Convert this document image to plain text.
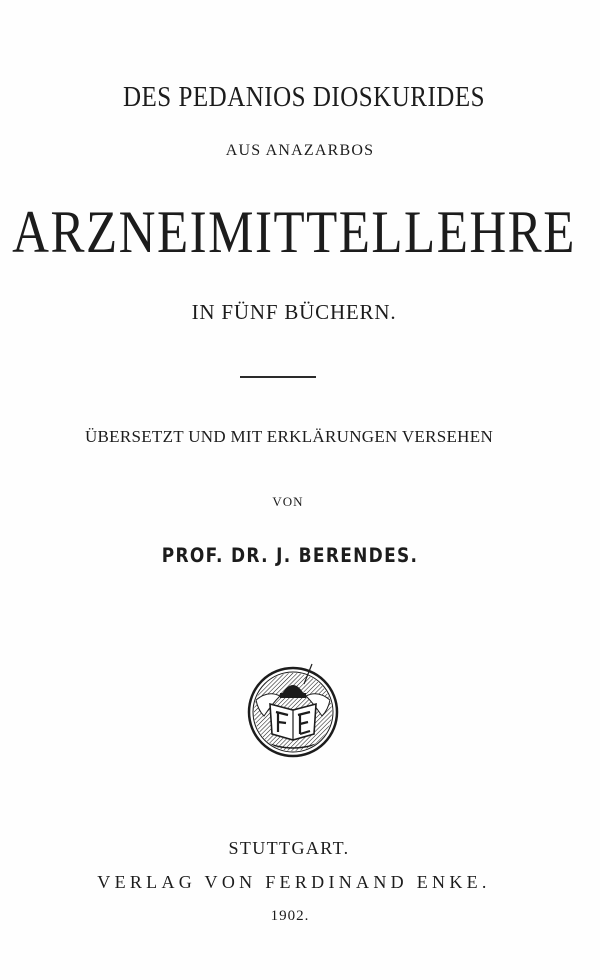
DES PEDANIOS DIOSKURIDES
AUS ANAZARBOS
ARZNEIMITTELLEHRE
IN FÜNF BÜCHERN.
ÜBERSETZT UND MIT ERKLÄRUNGEN VERSEHEN
VON
PROF. DR. J. BERENDES.
STUTTGART.
VERLAG VON FERDINAND ENKE.
1902.
